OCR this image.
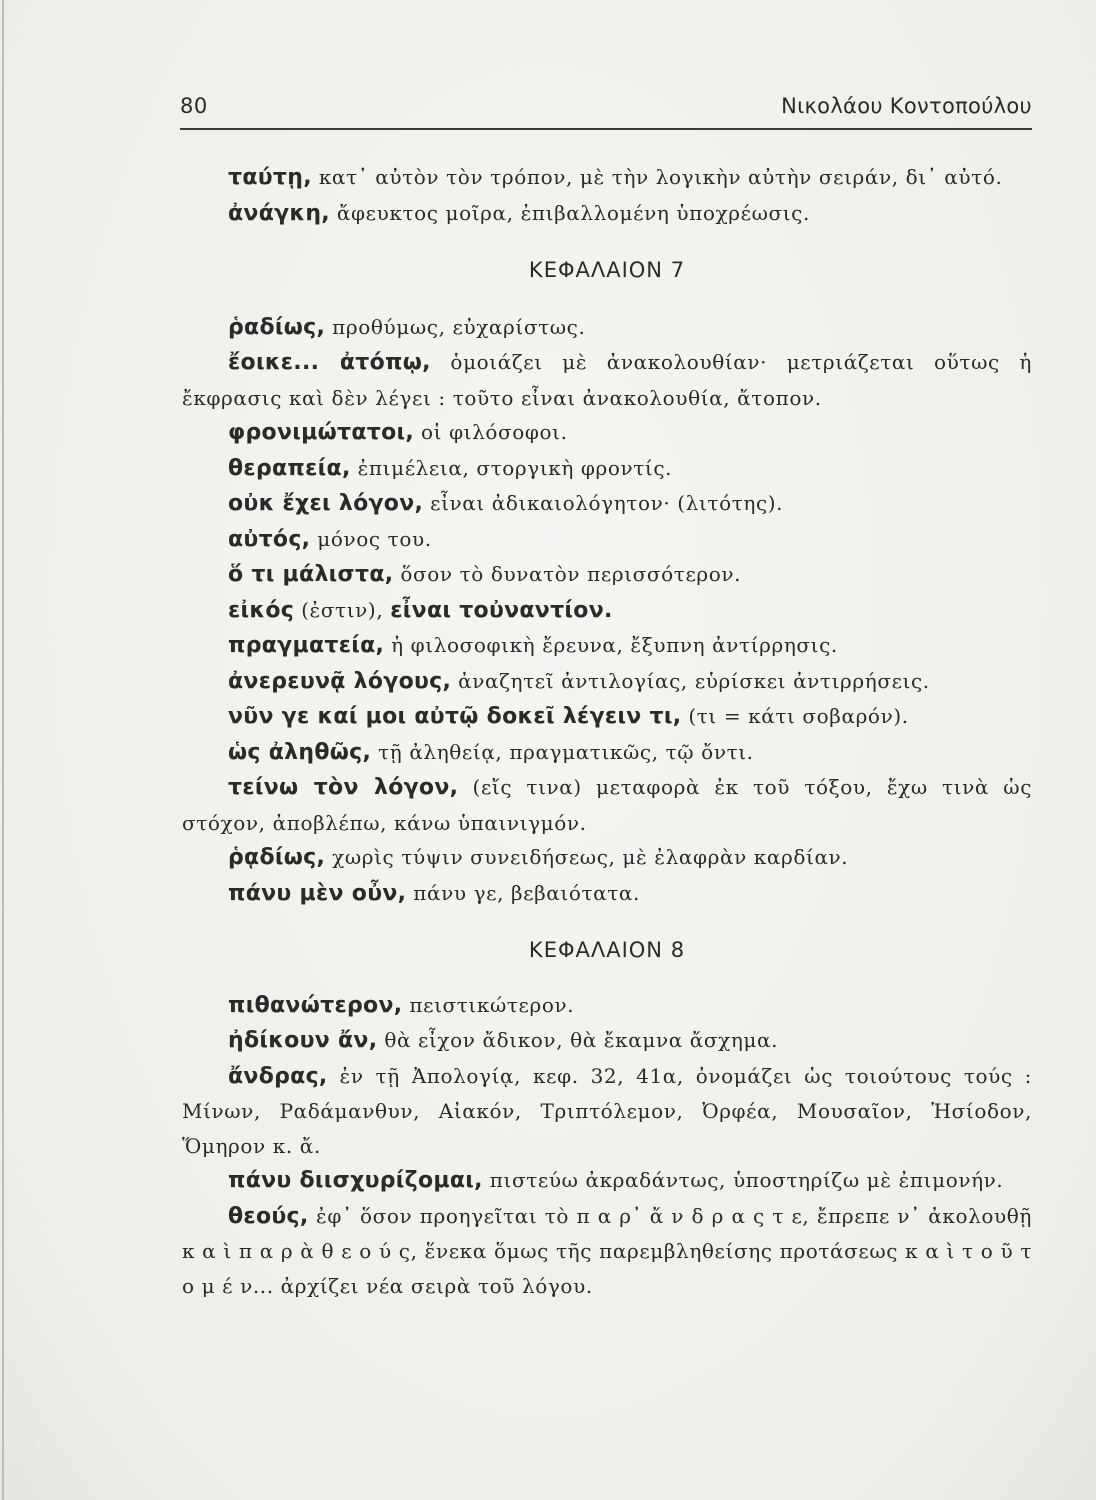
80	Νικολάου Κοντοπούλου

ταύτῃ, κατ᾽ αὐτὸν τὸν τρόπον, μὲ τὴν λογικὴν αὐτὴν σειράν, δι᾽ αὐτό.

ἀνάγκη, ἄφευκτος μοῖρα, ἐπιβαλλομένη ὑποχρέωσις.

ΚΕΦΑΛΑΙΟΝ 7

ῥαδίως, προθύμως, εὐχαρίστως.

ἔοικε... ἀτόπῳ, ὁμοιάζει μὲ ἀνακολουθίαν· μετριάζεται οὕτως ἡ ἔκφρασις καὶ δὲν λέγει : τοῦτο εἶναι ἀνακολουθία, ἄτοπον.

φρονιμώτατοι, οἱ φιλόσοφοι.

θεραπεία, ἐπιμέλεια, στοργικὴ φροντίς.

οὐκ ἔχει λόγον, εἶναι ἀδικαιολόγητον· (λιτότης).

αὐτός, μόνος του.

ὅ τι μάλιστα, ὅσον τὸ δυνατὸν περισσότερον.

εἰκός (ἐστιν), εἶναι τοὐναντίον.

πραγματεία, ἡ φιλοσοφικὴ ἔρευνα, ἔξυπνη ἀντίρρησις.

ἀνερευνᾷ λόγους, ἀναζητεῖ ἀντιλογίας, εὑρίσκει ἀντιρρήσεις.

νῦν γε καί μοι αὐτῷ δοκεῖ λέγειν τι, (τι = κάτι σοβαρόν).

ὡς ἀληθῶς, τῇ ἀληθείᾳ, πραγματικῶς, τῷ ὄντι.

τείνω τὸν λόγον, (εἴς τινα) μεταφορὰ ἐκ τοῦ τόξου, ἔχω τινὰ ὡς στόχον, ἀποβλέπω, κάνω ὑπαινιγμόν.

ῥᾳδίως, χωρὶς τύψιν συνειδήσεως, μὲ ἐλαφρὰν καρδίαν.

πάνυ μὲν οὖν, πάνυ γε, βεβαιότατα.

ΚΕΦΑΛΑΙΟΝ 8

πιθανώτερον, πειστικώτερον.

ἠδίκουν ἄν, θὰ εἶχον ἄδικον, θὰ ἔκαμνα ἄσχημα.

ἄνδρας, ἐν τῇ Ἀπολογίᾳ, κεφ. 32, 41α, ὀνομάζει ὡς τοιούτους τούς : Μίνων, Ραδάμανθυν, Αἰακόν, Τριπτόλεμον, Ὀρφέα, Μουσαῖον, Ἡσίοδον, Ὅμηρον κ. ἄ.

πάνυ διισχυρίζομαι, πιστεύω ἀκραδάντως, ὑποστηρίζω μὲ ἐπιμονήν.

θεούς, ἐφ᾽ ὅσον προηγεῖται τὸ π α ρ᾽ ἄ ν δ ρ α ς τ ε, ἔπρεπε ν᾽ ἀκολουθῇ κ α ὶ π α ρ ὰ θ ε ο ύ ς, ἕνεκα ὅμως τῆς παρεμβληθείσης προτάσεως κ α ὶ τ ο ῦ τ ο μ έ ν... ἀρχίζει νέα σειρὰ τοῦ λόγου.
